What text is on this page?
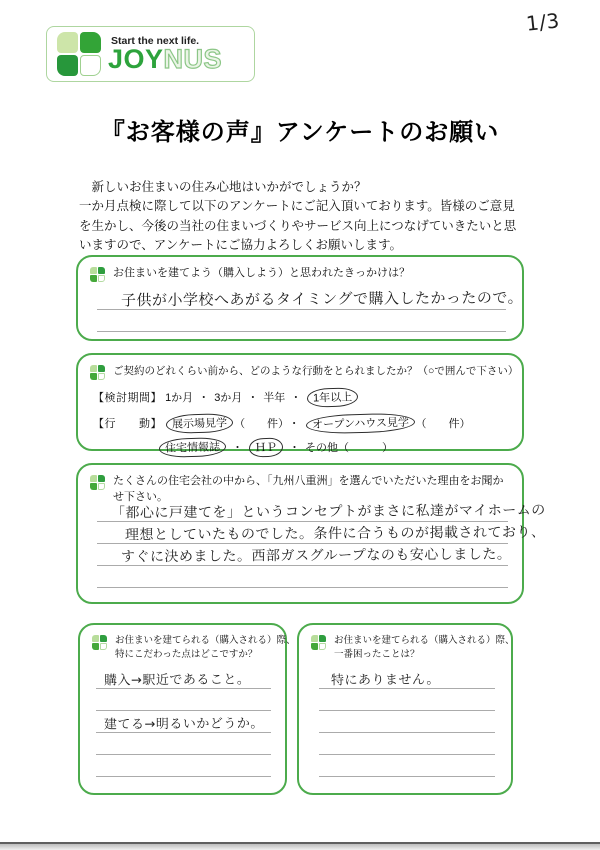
Start the next life.
JOYNUS
1/3
『お客様の声』アンケートのお願い
新しいお住まいの住み心地はいかがでしょうか？
一か月点検に際して以下のアンケートにご記入頂いております。皆様のご意見を生かし、今後の当社の住まいづくりやサービス向上につなげていきたいと思いますので、アンケートにご協力よろしくお願いします。
お住まいを建てよう（購入しよう）と思われたきっかけは？
子供が小学校へあがるタイミングで購入したかったので。
ご契約のどれくらい前から、どのような行動をとられましたか？（○で囲んで下さい）
【検討期間】 1か月 ・ 3か月 ・ 半年 ・ 1年以上
【行　　動】 展示場見学 （　　件） ・ オープンハウス見学 （　　件）
住宅情報誌 ・ ＨＰ ・ その他（　　　）
たくさんの住宅会社の中から、「九州八重洲」を選んでいただいた理由をお聞か
せ下さい。
「都心に戸建てを」というコンセプトがまさに私達がマイホームの
理想としていたものでした。条件に合うものが掲載されており、
すぐに決めました。西部ガスグループなのも安心しました。
お住まいを建てられる（購入される）際、
特にこだわった点はどこですか？
購入→駅近であること。
建てる→明るいかどうか。
お住まいを建てられる（購入される）際、
一番困ったことは？
特にありません。
